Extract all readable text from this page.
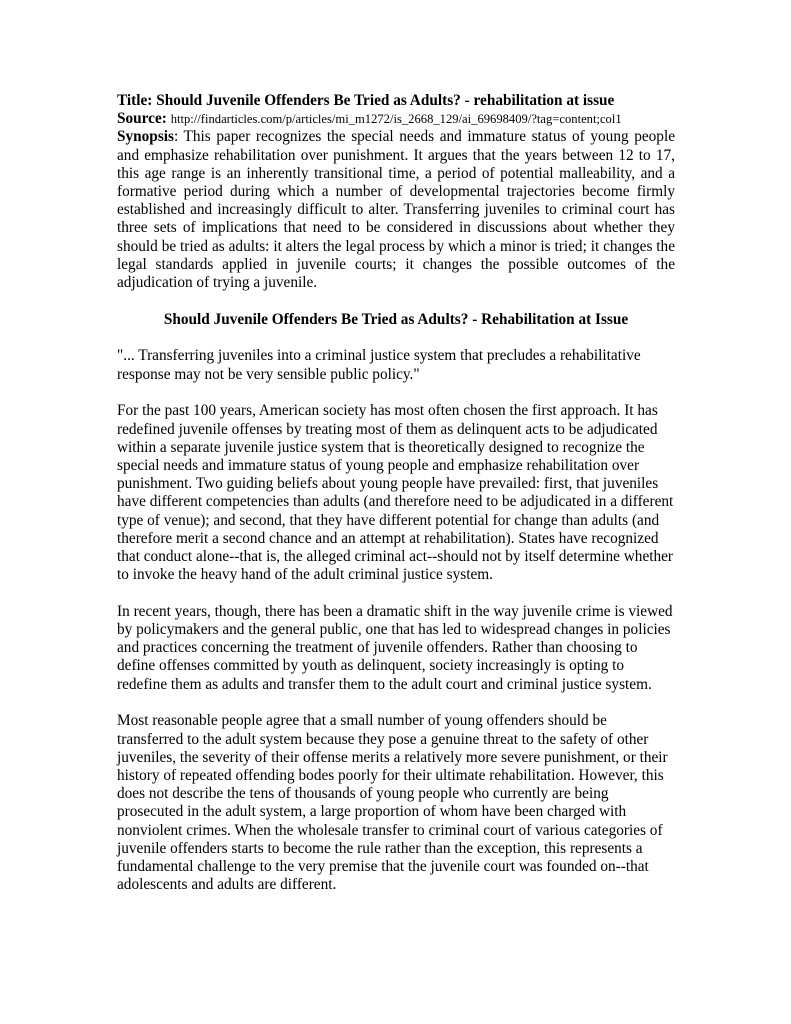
Title: Should Juvenile Offenders Be Tried as Adults? - rehabilitation at issue

Source: http://findarticles.com/p/articles/mi_m1272/is_2668_129/ai_69698409/?tag=content;col1

Synopsis: This paper recognizes the special needs and immature status of young people and emphasize rehabilitation over punishment. It argues that the years between 12 to 17, this age range is an inherently transitional time, a period of potential malleability, and a formative period during which a number of developmental trajectories become firmly established and increasingly difficult to alter. Transferring juveniles to criminal court has three sets of implications that need to be considered in discussions about whether they should be tried as adults: it alters the legal process by which a minor is tried; it changes the legal standards applied in juvenile courts; it changes the possible outcomes of the adjudication of trying a juvenile.

Should Juvenile Offenders Be Tried as Adults? - Rehabilitation at Issue

"... Transferring juveniles into a criminal justice system that precludes a rehabilitative response may not be very sensible public policy."

For the past 100 years, American society has most often chosen the first approach. It has redefined juvenile offenses by treating most of them as delinquent acts to be adjudicated within a separate juvenile justice system that is theoretically designed to recognize the special needs and immature status of young people and emphasize rehabilitation over punishment. Two guiding beliefs about young people have prevailed: first, that juveniles have different competencies than adults (and therefore need to be adjudicated in a different type of venue); and second, that they have different potential for change than adults (and therefore merit a second chance and an attempt at rehabilitation). States have recognized that conduct alone--that is, the alleged criminal act--should not by itself determine whether to invoke the heavy hand of the adult criminal justice system.

In recent years, though, there has been a dramatic shift in the way juvenile crime is viewed by policymakers and the general public, one that has led to widespread changes in policies and practices concerning the treatment of juvenile offenders. Rather than choosing to define offenses committed by youth as delinquent, society increasingly is opting to redefine them as adults and transfer them to the adult court and criminal justice system.

Most reasonable people agree that a small number of young offenders should be transferred to the adult system because they pose a genuine threat to the safety of other juveniles, the severity of their offense merits a relatively more severe punishment, or their history of repeated offending bodes poorly for their ultimate rehabilitation. However, this does not describe the tens of thousands of young people who currently are being prosecuted in the adult system, a large proportion of whom have been charged with nonviolent crimes. When the wholesale transfer to criminal court of various categories of juvenile offenders starts to become the rule rather than the exception, this represents a fundamental challenge to the very premise that the juvenile court was founded on--that adolescents and adults are different.
